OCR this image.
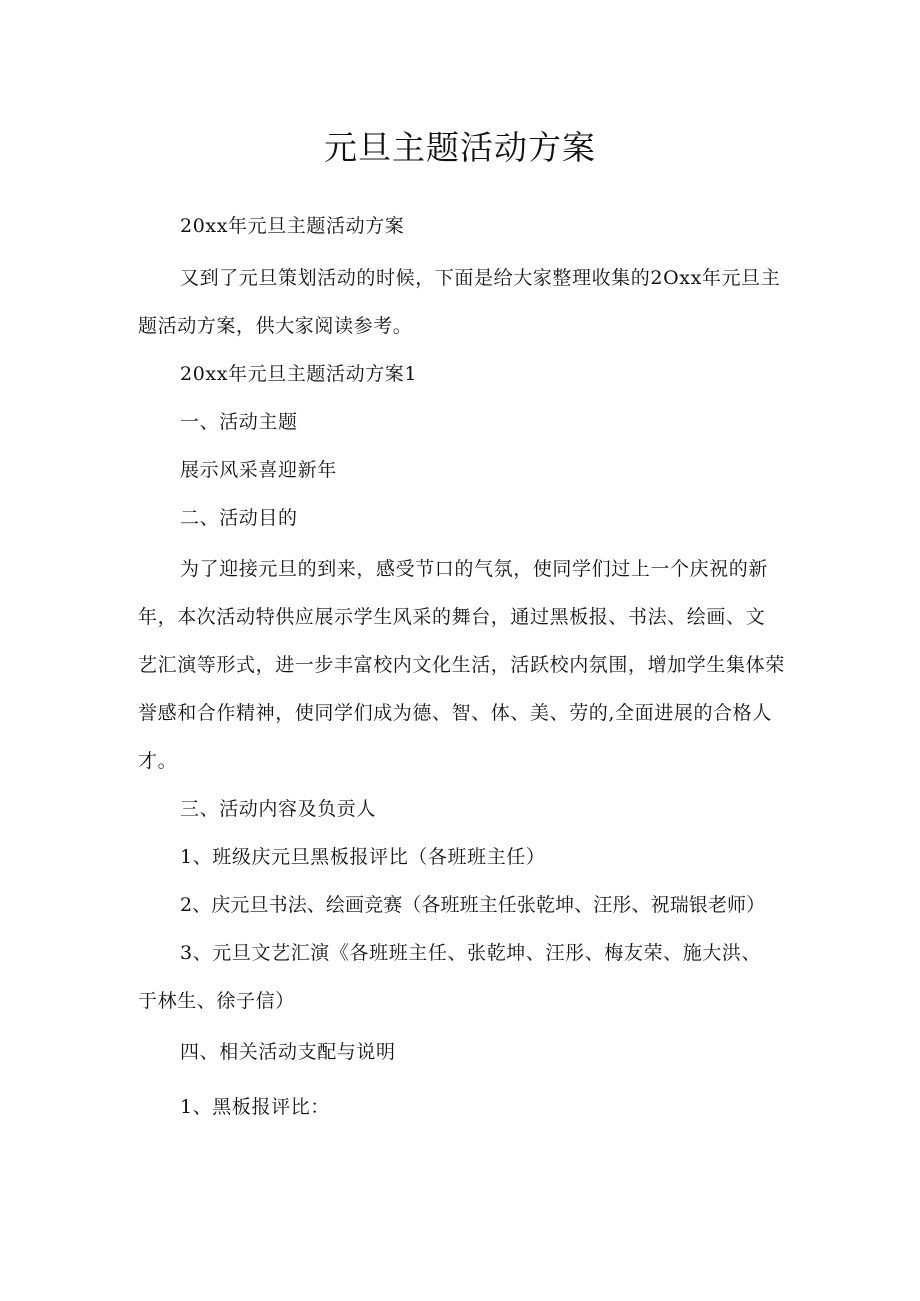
元旦主题活动方案

20xx年元旦主题活动方案

又到了元旦策划活动的时候，下面是给大家整理收集的2Oxx年元旦主
题活动方案，供大家阅读参考。

20xx年元旦主题活动方案1

一、活动主题

展示风采喜迎新年

二、活动目的

为了迎接元旦的到来，感受节口的气氛，使同学们过上一个庆祝的新
年，本次活动特供应展示学生风采的舞台，通过黑板报、书法、绘画、文
艺汇演等形式，进一步丰富校内文化生活，活跃校内氛围，增加学生集体荣
誉感和合作精神，使同学们成为德、智、体、美、劳的,全面进展的合格人
才。

三、活动内容及负贡人

1、班级庆元旦黑板报评比（各班班主任）

2、庆元旦书法、绘画竞赛（各班班主任张乾坤、汪彤、祝瑞银老师）

3、元旦文艺汇演《各班班主任、张乾坤、汪彤、梅友荣、施大洪、
于林生、徐子信）

四、相关活动支配与说明

1、黑板报评比：
